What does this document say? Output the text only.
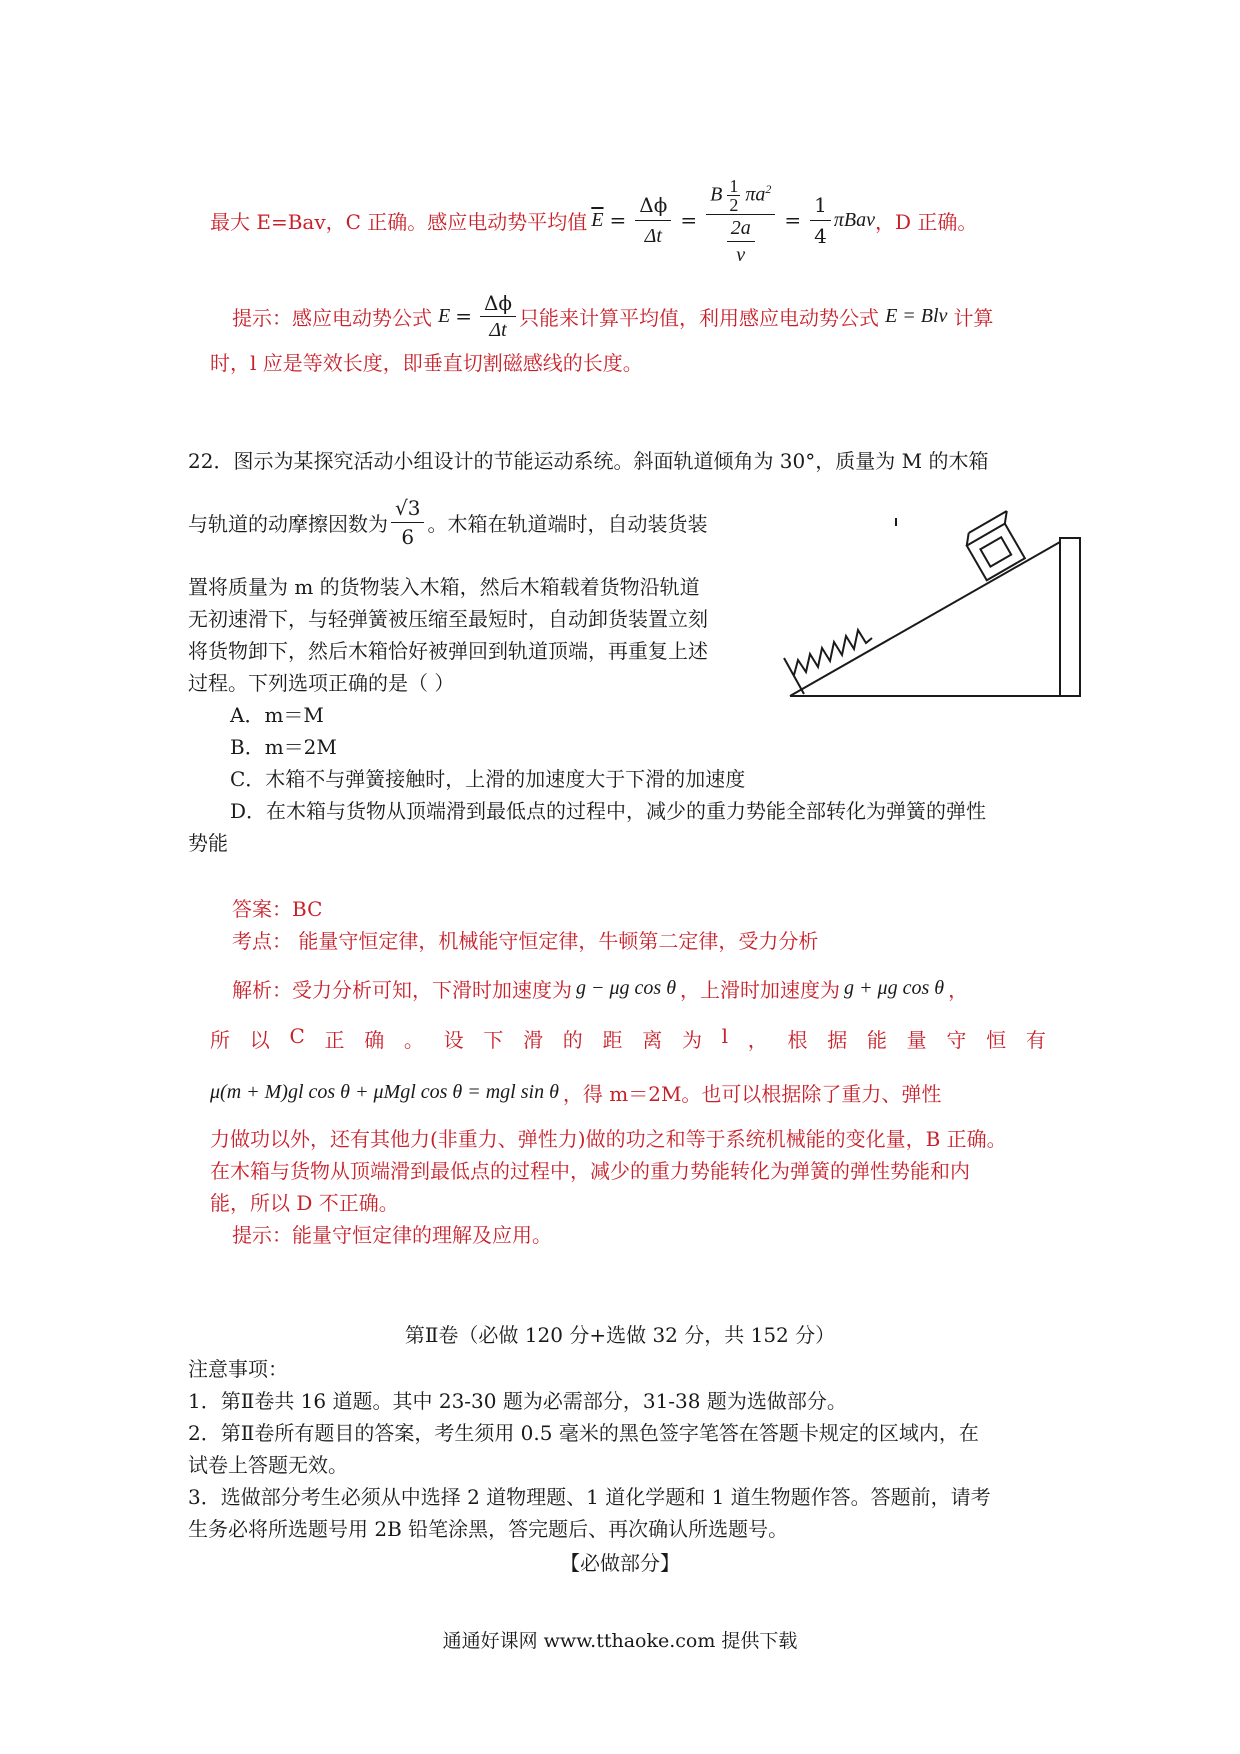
最大 E=Bav，C 正确。感应电动势平均值 $\overline{E} = \frac{\Delta\phi}{\Delta t} = \frac{B \frac{1}{2} \pi a^2}{\frac{2a}{v}} = \frac{1}{4}$ πBav ，D 正确。
提示：感应电动势公式 $E = \frac{\Delta\phi}{\Delta t}$ 只能来计算平均值，利用感应电动势公式 E = Blv 计算
时，l 应是等效长度，即垂直切割磁感线的长度。
22．图示为某探究活动小组设计的节能运动系统。斜面轨道倾角为 30°，质量为 M 的木箱
与轨道的动摩擦因数为 $\frac{√3}{6}$ 。木箱在轨道端时，自动装货装
置将质量为 m 的货物装入木箱，然后木箱载着货物沿轨道
无初速滑下，与轻弹簧被压缩至最短时，自动卸货装置立刻
将货物卸下，然后木箱恰好被弹回到轨道顶端，再重复上述
过程。下列选项正确的是（ ）
A．m＝M
B．m＝2M
C．木箱不与弹簧接触时，上滑的加速度大于下滑的加速度
D．在木箱与货物从顶端滑到最低点的过程中，减少的重力势能全部转化为弹簧的弹性
势能
答案：BC
考点： 能量守恒定律，机械能守恒定律，牛顿第二定律，受力分析
解析：受力分析可知，下滑时加速度为 g − μg cos θ ，上滑时加速度为 g + μg cos θ ，
所 以 C 正 确 。 设 下 滑 的 距 离 为 l ， 根 据 能 量 守 恒 有
μ(m + M)gl cos θ + μMgl cos θ = mgl sin θ ，得 m＝2M。也可以根据除了重力、弹性
力做功以外，还有其他力(非重力、弹性力)做的功之和等于系统机械能的变化量，B 正确。
在木箱与货物从顶端滑到最低点的过程中，减少的重力势能转化为弹簧的弹性势能和内
能，所以 D 不正确。
提示：能量守恒定律的理解及应用。
第Ⅱ卷（必做 120 分+选做 32 分，共 152 分）
注意事项：
1．第Ⅱ卷共 16 道题。其中 23-30 题为必需部分，31-38 题为选做部分。
2．第Ⅱ卷所有题目的答案，考生须用 0.5 毫米的黑色签字笔答在答题卡规定的区域内，在
试卷上答题无效。
3．选做部分考生必须从中选择 2 道物理题、1 道化学题和 1 道生物题作答。答题前，请考
生务必将所选题号用 2B 铅笔涂黑，答完题后、再次确认所选题号。
【必做部分】
通通好课网 www.tthaoke.com 提供下载
